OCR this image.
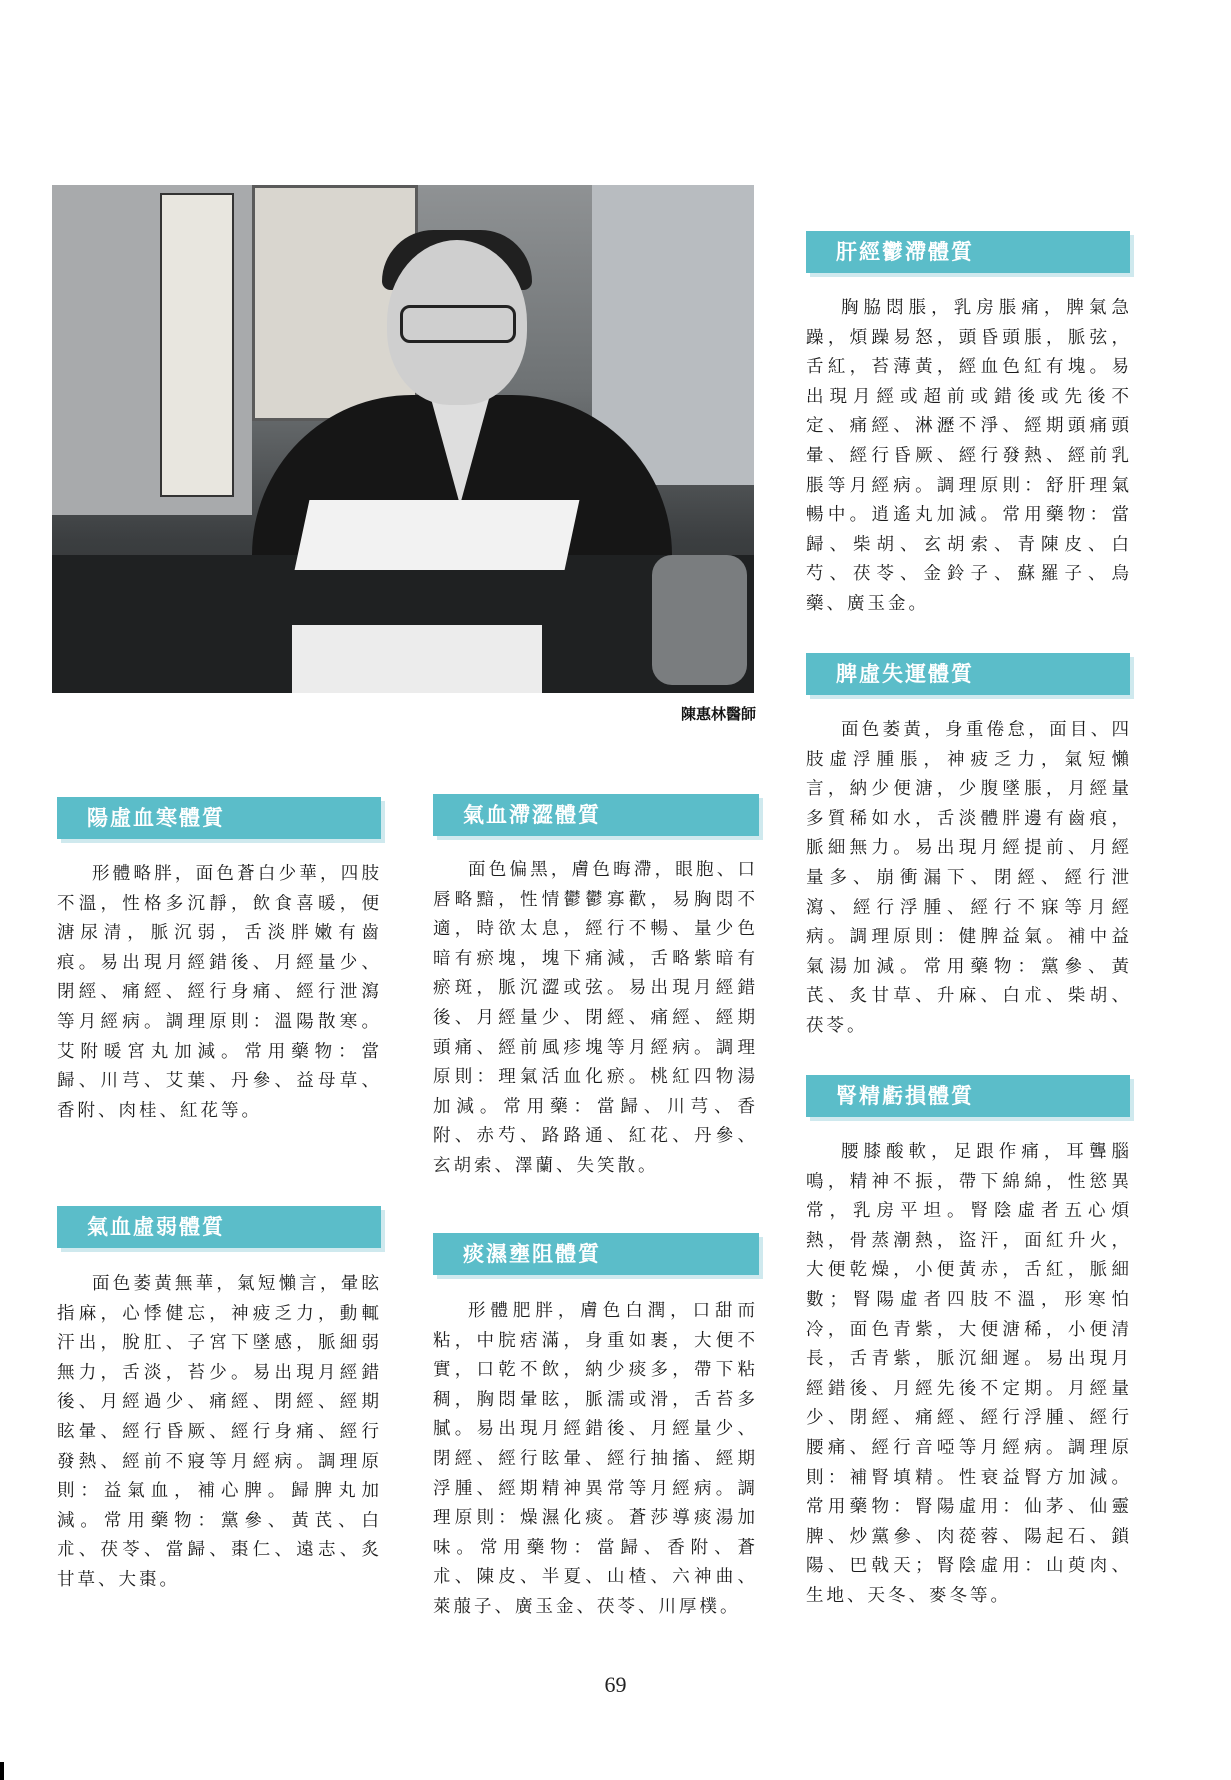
陳惠林醫師
陽虛血寒體質

形體略胖，面色蒼白少華，四肢不溫，性格多沉靜，飲食喜暖，便溏尿清，脈沉弱，舌淡胖嫩有齒痕。易出現月經錯後、月經量少、閉經、痛經、經行身痛、經行泄瀉等月經病。調理原則：溫陽散寒。艾附暖宮丸加減。常用藥物：當歸、川芎、艾葉、丹參、益母草、香附、肉桂、紅花等。

氣血虛弱體質

面色萎黃無華，氣短懶言，暈眩指麻，心悸健忘，神疲乏力，動輒汗出，脫肛、子宮下墜感，脈細弱無力，舌淡，苔少。易出現月經錯後、月經過少、痛經、閉經、經期眩暈、經行昏厥、經行身痛、經行發熱、經前不寢等月經病。調理原則：益氣血，補心脾。歸脾丸加減。常用藥物：黨參、黃芪、白朮、茯苓、當歸、棗仁、遠志、炙甘草、大棗。

氣血滯澀體質

面色偏黑，膚色晦滯，眼胞、口唇略黯，性情鬱鬱寡歡，易胸悶不適，時欲太息，經行不暢、量少色暗有瘀塊，塊下痛減，舌略紫暗有瘀斑，脈沉澀或弦。易出現月經錯後、月經量少、閉經、痛經、經期頭痛、經前風疹塊等月經病。調理原則：理氣活血化瘀。桃紅四物湯加減。常用藥：當歸、川芎、香附、赤芍、路路通、紅花、丹參、玄胡索、澤蘭、失笑散。

痰濕壅阻體質

形體肥胖，膚色白潤，口甜而粘，中脘痞滿，身重如裹，大便不實，口乾不飲，納少痰多，帶下粘稠，胸悶暈眩，脈濡或滑，舌苔多膩。易出現月經錯後、月經量少、閉經、經行眩暈、經行抽搐、經期浮腫、經期精神異常等月經病。調理原則：燥濕化痰。蒼莎導痰湯加味。常用藥物：當歸、香附、蒼朮、陳皮、半夏、山楂、六神曲、萊菔子、廣玉金、茯苓、川厚樸。

肝經鬱滯體質

胸脇悶脹，乳房脹痛，脾氣急躁，煩躁易怒，頭昏頭脹，脈弦，舌紅，苔薄黃，經血色紅有塊。易出現月經或超前或錯後或先後不定、痛經、淋瀝不淨、經期頭痛頭暈、經行昏厥、經行發熱、經前乳脹等月經病。調理原則：舒肝理氣暢中。逍遙丸加減。常用藥物：當歸、柴胡、玄胡索、青陳皮、白芍、茯苓、金鈴子、蘇羅子、烏藥、廣玉金。

脾虛失運體質

面色萎黃，身重倦怠，面目、四肢虛浮腫脹，神疲乏力，氣短懶言，納少便溏，少腹墜脹，月經量多質稀如水，舌淡體胖邊有齒痕，脈細無力。易出現月經提前、月經量多、崩衝漏下、閉經、經行泄瀉、經行浮腫、經行不寐等月經病。調理原則：健脾益氣。補中益氣湯加減。常用藥物：黨參、黃芪、炙甘草、升麻、白朮、柴胡、茯苓。

腎精虧損體質

腰膝酸軟，足跟作痛，耳聾腦鳴，精神不振，帶下綿綿，性慾異常，乳房平坦。腎陰虛者五心煩熱，骨蒸潮熱，盜汗，面紅升火，大便乾燥，小便黃赤，舌紅，脈細數；腎陽虛者四肢不溫，形寒怕冷，面色青紫，大便溏稀，小便清長，舌青紫，脈沉細遲。易出現月經錯後、月經先後不定期。月經量少、閉經、痛經、經行浮腫、經行腰痛、經行音啞等月經病。調理原則：補腎填精。性衰益腎方加減。常用藥物：腎陽虛用：仙茅、仙靈脾、炒黨參、肉蓯蓉、陽起石、鎖陽、巴戟天；腎陰虛用：山萸肉、生地、天冬、麥冬等。

69
